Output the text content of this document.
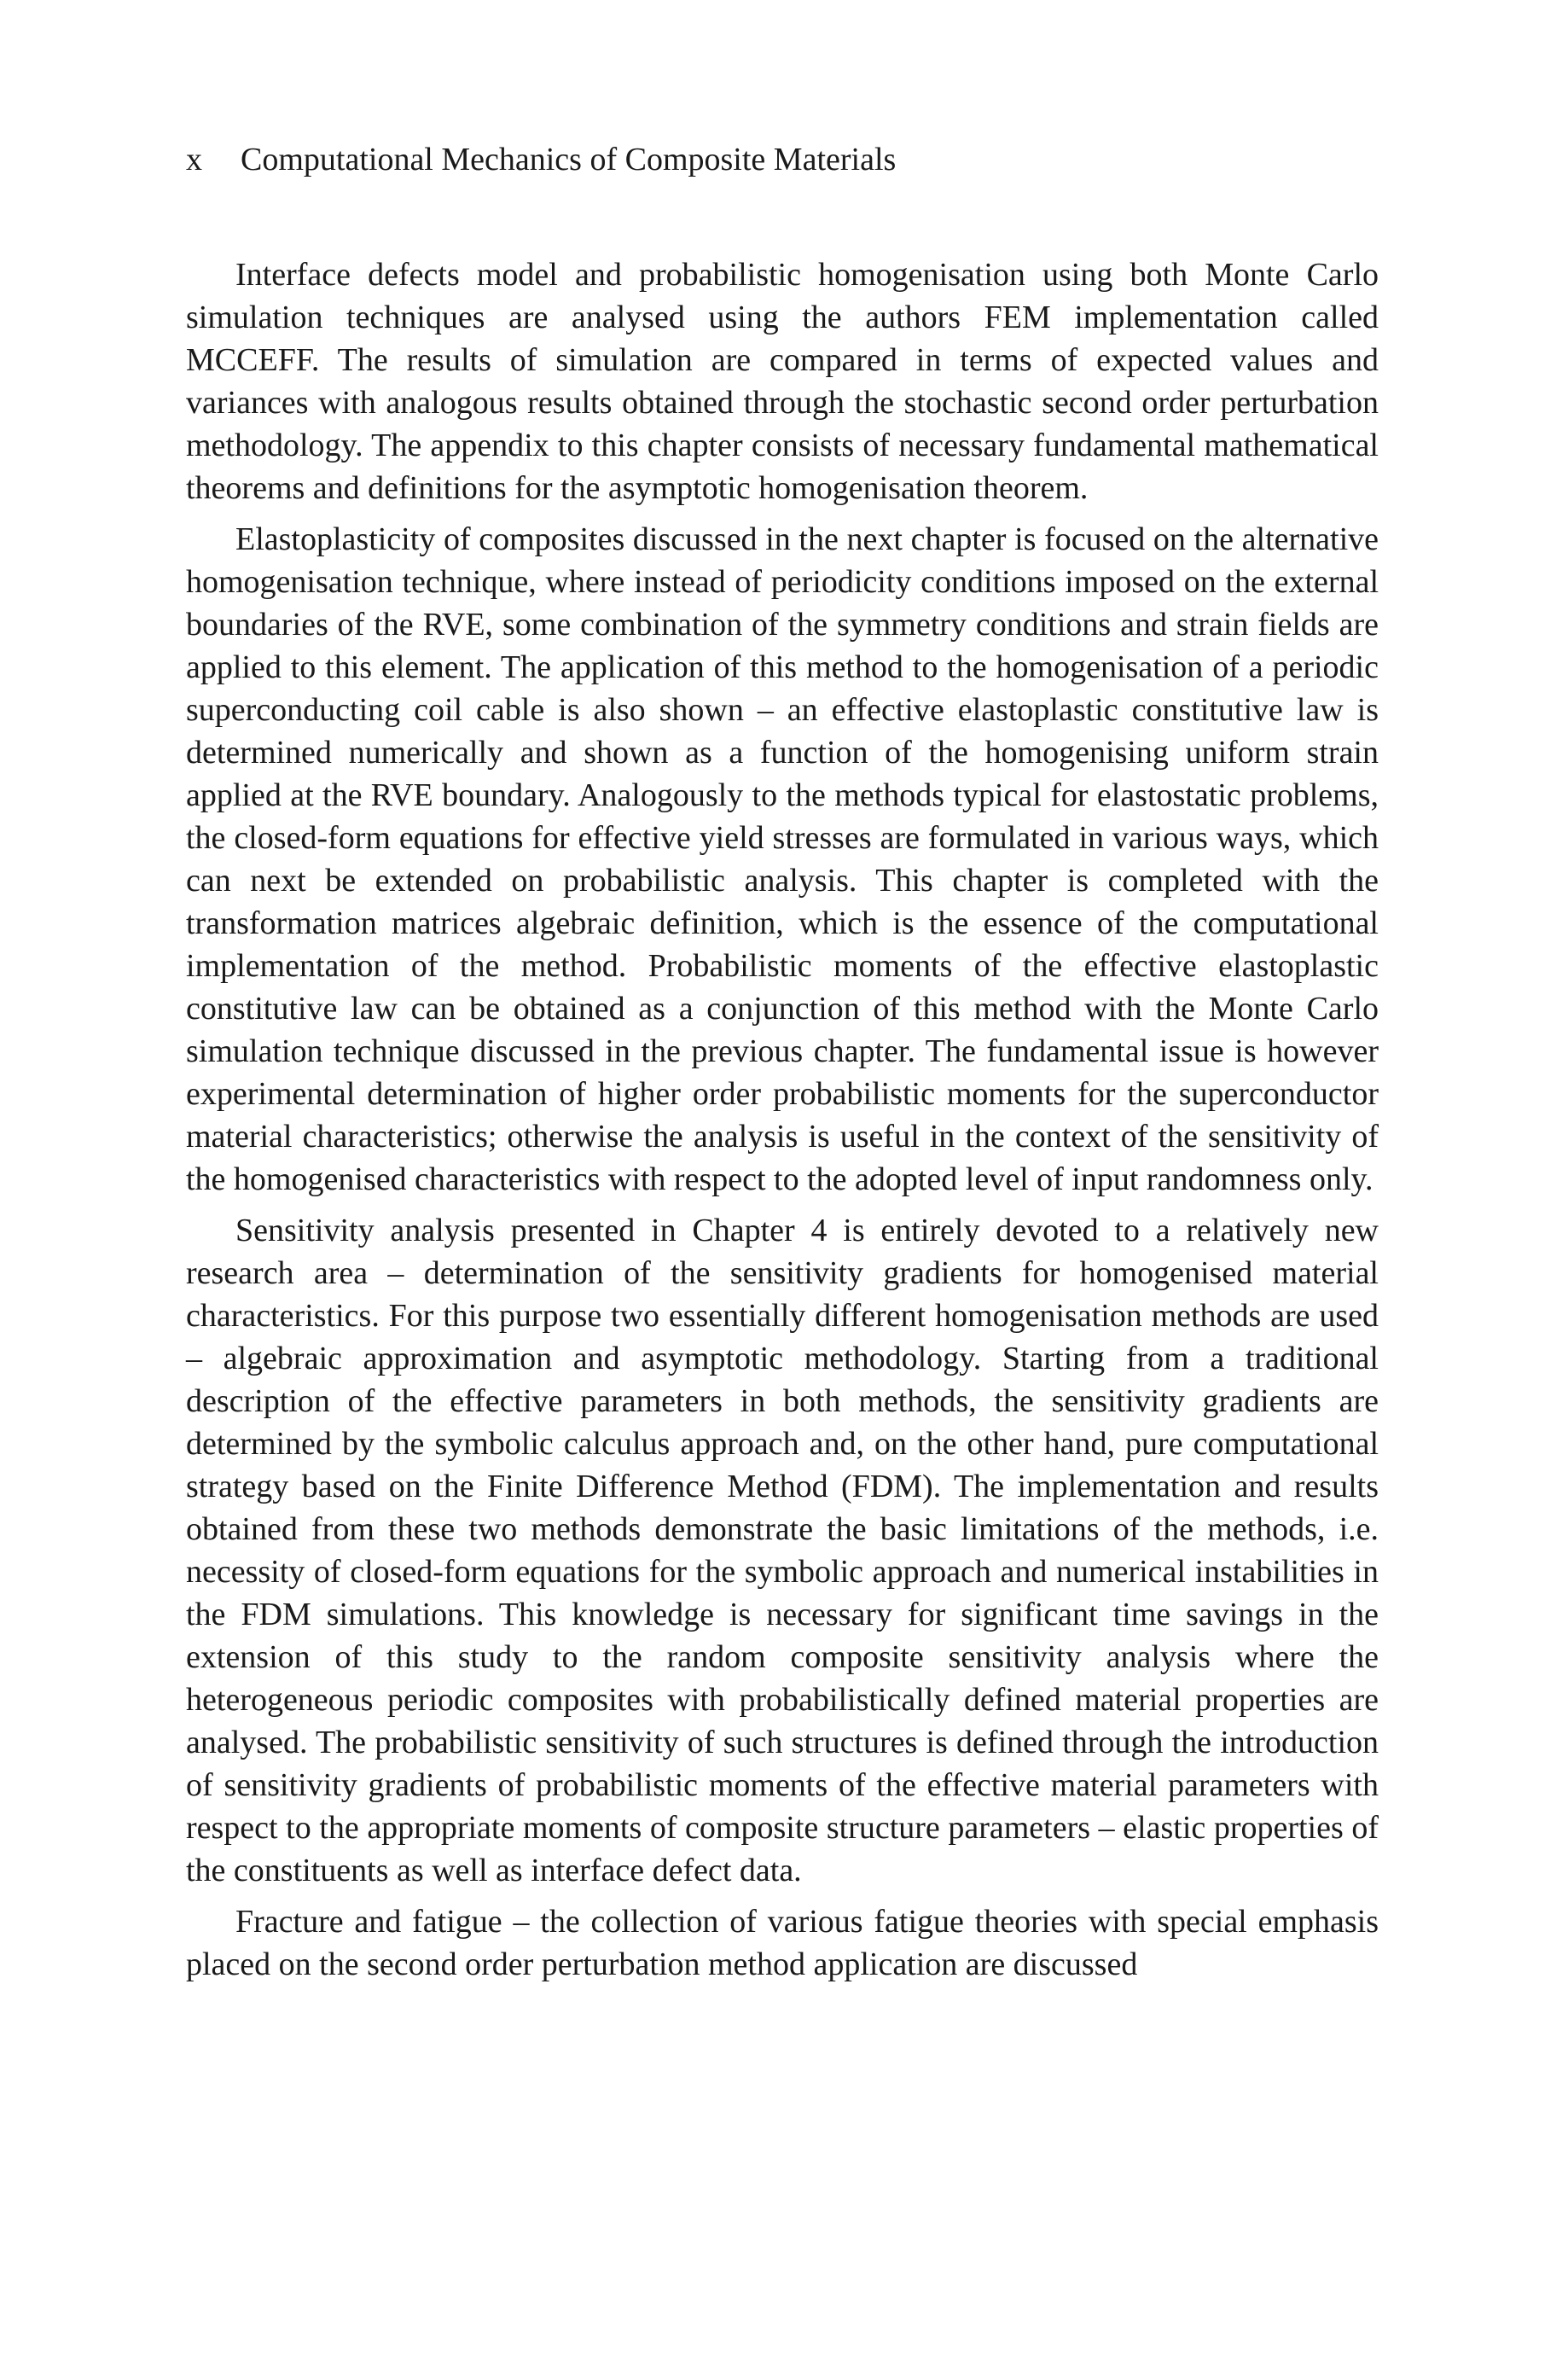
x Computational Mechanics of Composite Materials

Interface defects model and probabilistic homogenisation using both Monte Carlo simulation techniques are analysed using the authors FEM implementation called MCCEFF. The results of simulation are compared in terms of expected values and variances with analogous results obtained through the stochastic second order perturbation methodology. The appendix to this chapter consists of necessary fundamental mathematical theorems and definitions for the asymptotic homogenisation theorem.

Elastoplasticity of composites discussed in the next chapter is focused on the alternative homogenisation technique, where instead of periodicity conditions imposed on the external boundaries of the RVE, some combination of the symmetry conditions and strain fields are applied to this element. The application of this method to the homogenisation of a periodic superconducting coil cable is also shown – an effective elastoplastic constitutive law is determined numerically and shown as a function of the homogenising uniform strain applied at the RVE boundary. Analogously to the methods typical for elastostatic problems, the closed-form equations for effective yield stresses are formulated in various ways, which can next be extended on probabilistic analysis. This chapter is completed with the transformation matrices algebraic definition, which is the essence of the computational implementation of the method. Probabilistic moments of the effective elastoplastic constitutive law can be obtained as a conjunction of this method with the Monte Carlo simulation technique discussed in the previous chapter. The fundamental issue is however experimental determination of higher order probabilistic moments for the superconductor material characteristics; otherwise the analysis is useful in the context of the sensitivity of the homogenised characteristics with respect to the adopted level of input randomness only.

Sensitivity analysis presented in Chapter 4 is entirely devoted to a relatively new research area – determination of the sensitivity gradients for homogenised material characteristics. For this purpose two essentially different homogenisation methods are used – algebraic approximation and asymptotic methodology. Starting from a traditional description of the effective parameters in both methods, the sensitivity gradients are determined by the symbolic calculus approach and, on the other hand, pure computational strategy based on the Finite Difference Method (FDM). The implementation and results obtained from these two methods demonstrate the basic limitations of the methods, i.e. necessity of closed-form equations for the symbolic approach and numerical instabilities in the FDM simulations. This knowledge is necessary for significant time savings in the extension of this study to the random composite sensitivity analysis where the heterogeneous periodic composites with probabilistically defined material properties are analysed. The probabilistic sensitivity of such structures is defined through the introduction of sensitivity gradients of probabilistic moments of the effective material parameters with respect to the appropriate moments of composite structure parameters – elastic properties of the constituents as well as interface defect data.

Fracture and fatigue – the collection of various fatigue theories with special emphasis placed on the second order perturbation method application are discussed
